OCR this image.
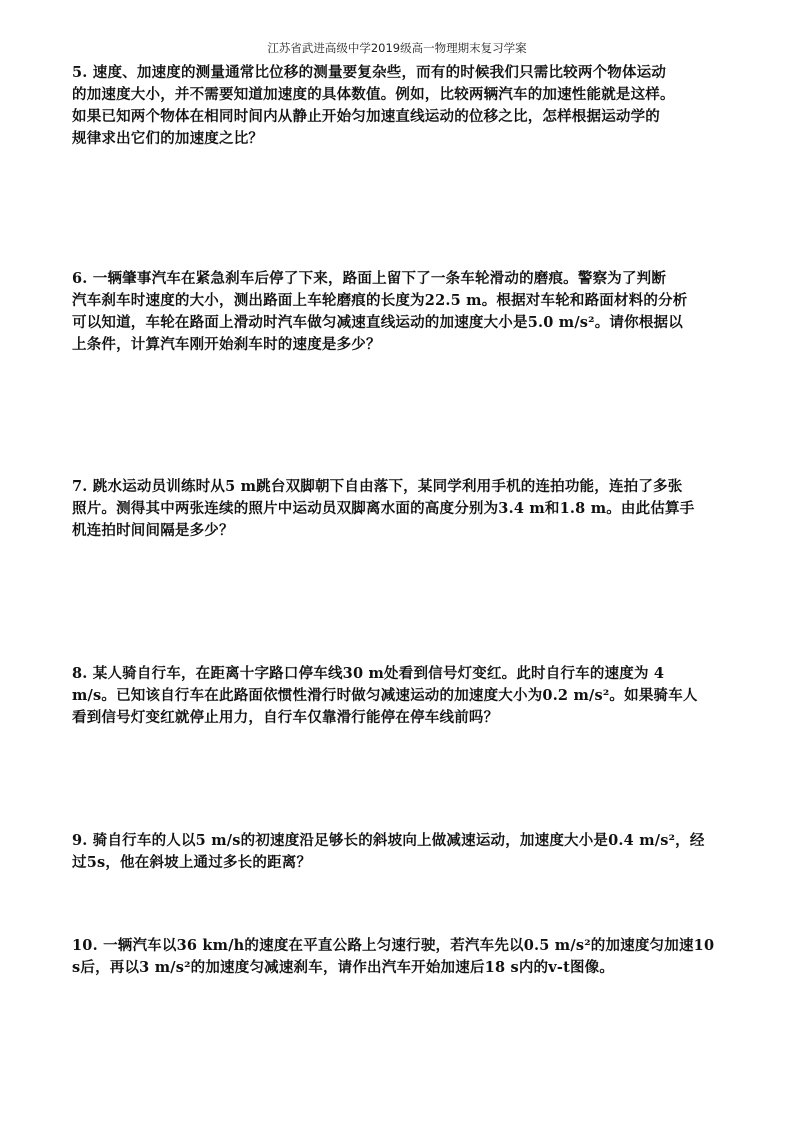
江苏省武进高级中学2019级高一物理期末复习学案
5. 速度、加速度的测量通常比位移的测量要复杂些，而有的时候我们只需比较两个物体运动
的加速度大小，并不需要知道加速度的具体数值。例如，比较两辆汽车的加速性能就是这样。
如果已知两个物体在相同时间内从静止开始匀加速直线运动的位移之比，怎样根据运动学的
规律求出它们的加速度之比？
6. 一辆肇事汽车在紧急刹车后停了下来，路面上留下了一条车轮滑动的磨痕。警察为了判断
汽车刹车时速度的大小，测出路面上车轮磨痕的长度为22.5 m。根据对车轮和路面材料的分析
可以知道，车轮在路面上滑动时汽车做匀减速直线运动的加速度大小是5.0 m/s²。请你根据以
上条件，计算汽车刚开始刹车时的速度是多少？
7. 跳水运动员训练时从5 m跳台双脚朝下自由落下，某同学利用手机的连拍功能，连拍了多张
照片。测得其中两张连续的照片中运动员双脚离水面的高度分别为3.4 m和1.8 m。由此估算手
机连拍时间间隔是多少？
8. 某人骑自行车，在距离十字路口停车线30 m处看到信号灯变红。此时自行车的速度为 4
m/s。已知该自行车在此路面依惯性滑行时做匀减速运动的加速度大小为0.2 m/s²。如果骑车人
看到信号灯变红就停止用力，自行车仅靠滑行能停在停车线前吗？
9. 骑自行车的人以5 m/s的初速度沿足够长的斜坡向上做减速运动，加速度大小是0.4 m/s²，经
过5s，他在斜坡上通过多长的距离？
10. 一辆汽车以36 km/h的速度在平直公路上匀速行驶，若汽车先以0.5 m/s²的加速度匀加速10
s后，再以3 m/s²的加速度匀减速刹车，请作出汽车开始加速后18 s内的v-t图像。
